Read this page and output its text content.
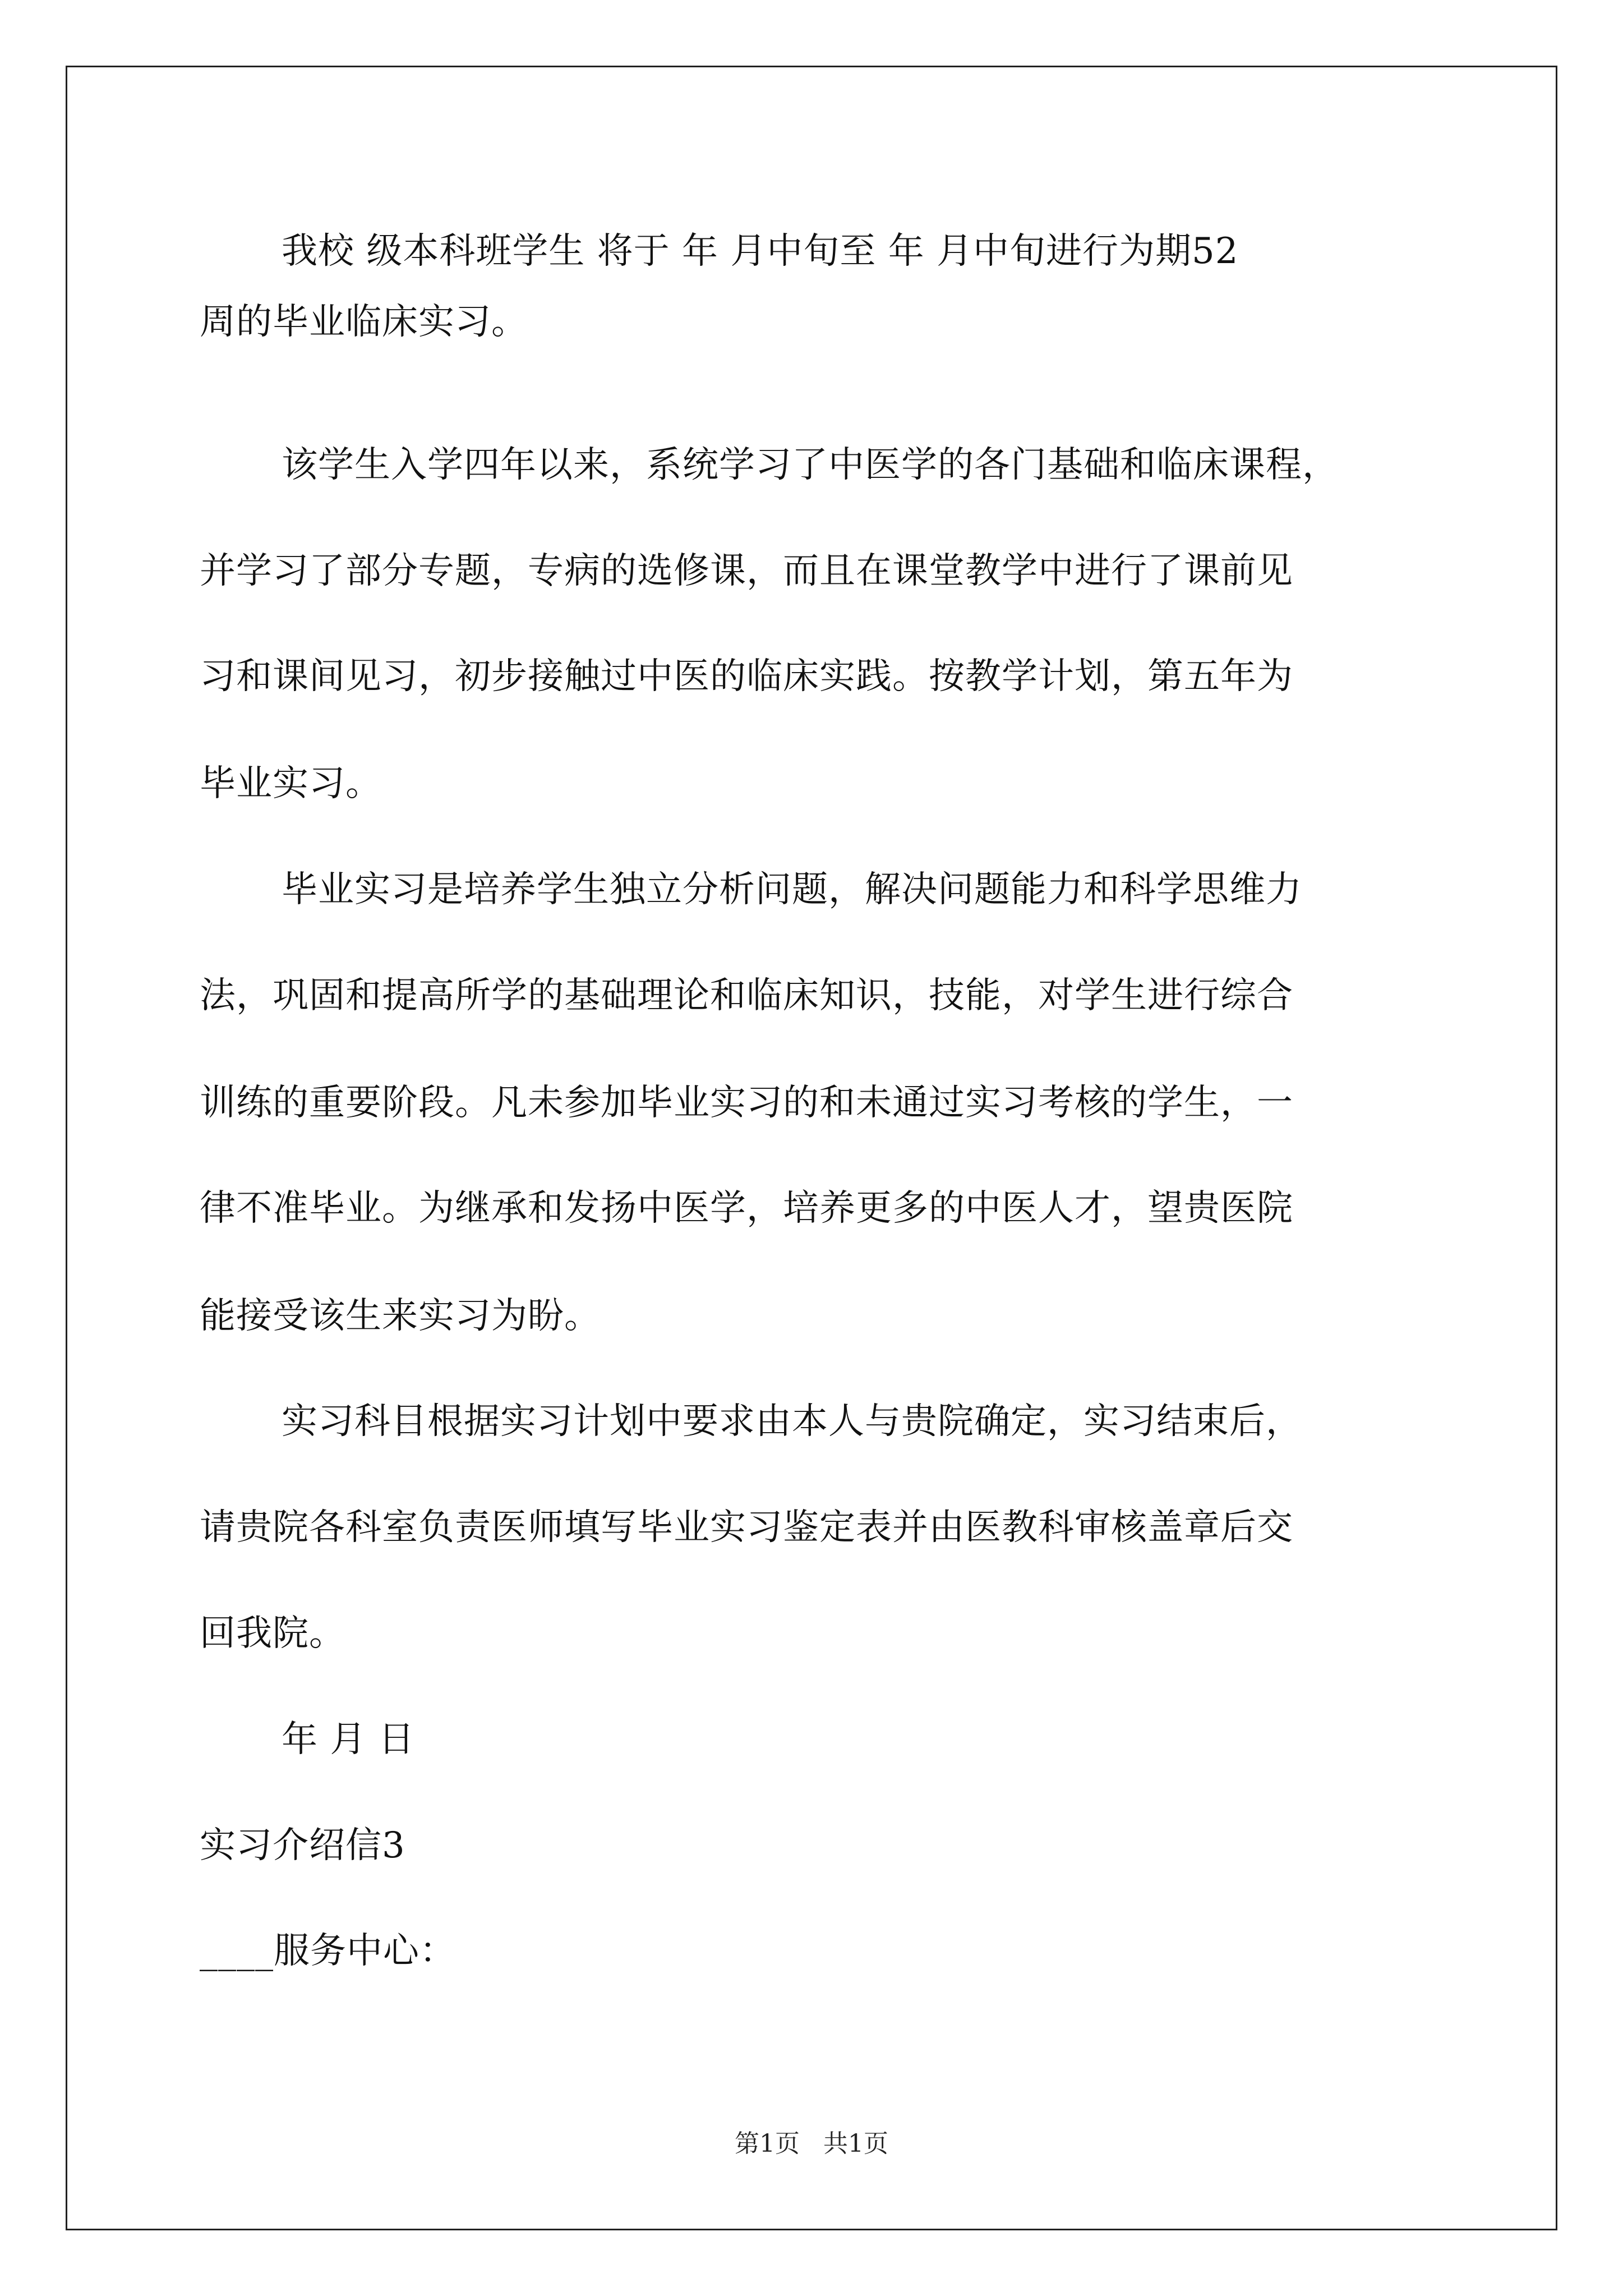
我校 级本科班学生 将于 年 月中旬至 年 月中旬进行为期52
周的毕业临床实习。
该学生入学四年以来，系统学习了中医学的各门基础和临床课程，
并学习了部分专题，专病的选修课，而且在课堂教学中进行了课前见
习和课间见习，初步接触过中医的临床实践。按教学计划，第五年为
毕业实习。
毕业实习是培养学生独立分析问题，解决问题能力和科学思维力
法，巩固和提高所学的基础理论和临床知识，技能，对学生进行综合
训练的重要阶段。凡未参加毕业实习的和未通过实习考核的学生，一
律不准毕业。为继承和发扬中医学，培养更多的中医人才，望贵医院
能接受该生来实习为盼。
实习科目根据实习计划中要求由本人与贵院确定，实习结束后，
请贵院各科室负责医师填写毕业实习鉴定表并由医教科审核盖章后交
回我院。
年 月 日
实习介绍信3
____服务中心：
第1页   共1页
